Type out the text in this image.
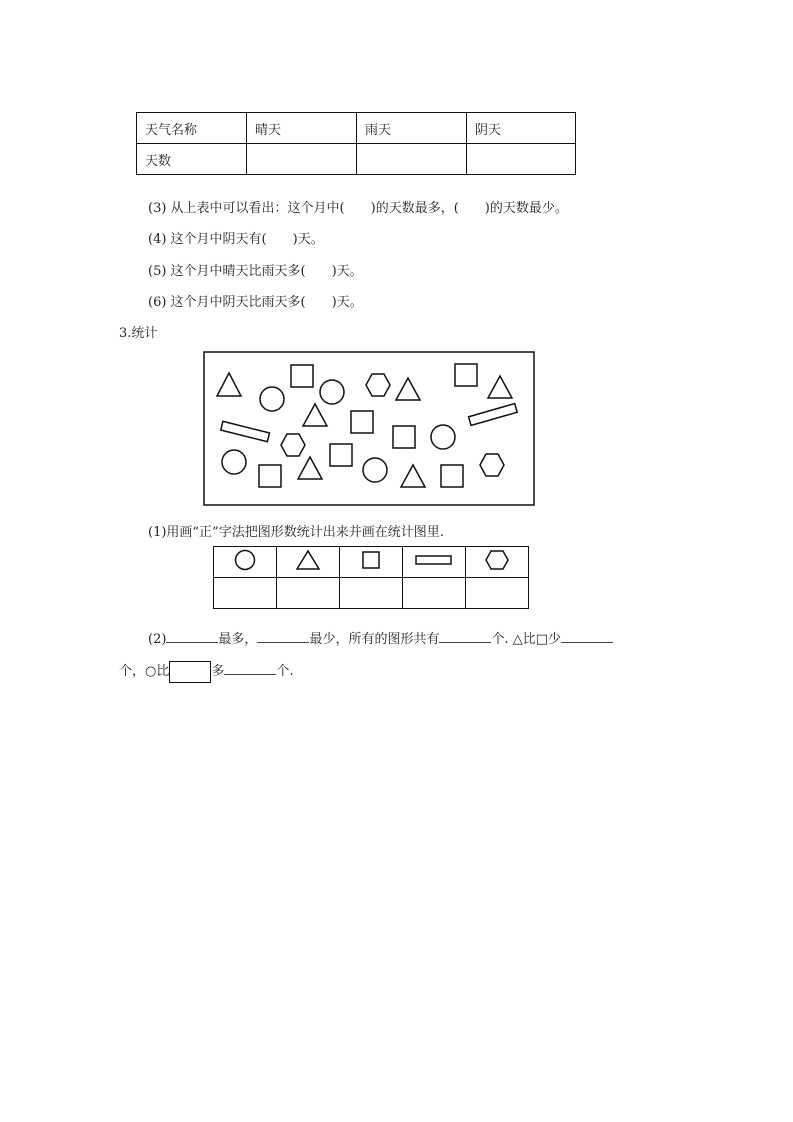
天气名称	晴天	雨天	阴天
天数			
(3) 从上表中可以看出：这个月中(　　)的天数最多，(　　)的天数最少。
(4) 这个月中阴天有(　　)天。
(5) 这个月中晴天比雨天多(　　)天。
(6) 这个月中阴天比雨天多(　　)天。
3.统计
(1)用画“正”字法把图形数统计出来并画在统计图里.

(2)	最多，	最少，所有的图形共有	个. △比□少
个，○比	多	个.
